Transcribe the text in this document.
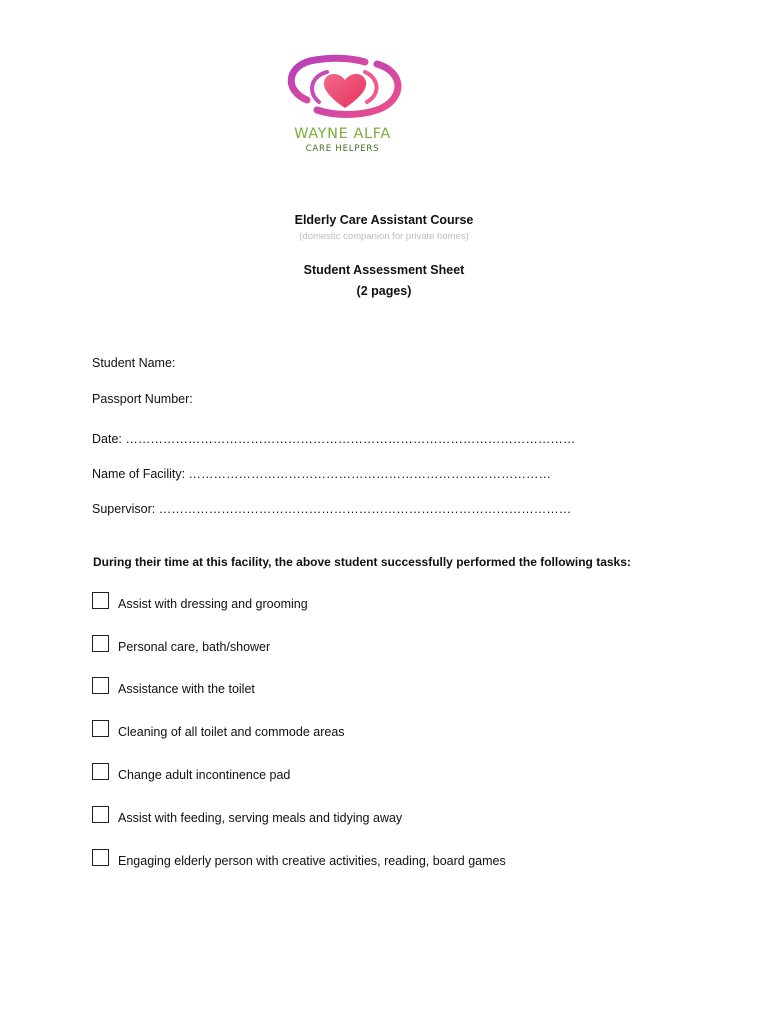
WAYNE ALFA
CARE HELPERS
Elderly Care Assistant Course
(domestic companion for private homes)
Student Assessment Sheet
(2 pages)
Student Name:
Passport Number:
Date: ………………………………………………………………………………………………
Name of Facility: ……………………………………………………………………………
Supervisor: ………………………………………………………………………………………
During their time at this facility, the above student successfully performed the following tasks:
Assist with dressing and grooming
Personal care, bath/shower
Assistance with the toilet
Cleaning of all toilet and commode areas
Change adult incontinence pad
Assist with feeding, serving meals and tidying away
Engaging elderly person with creative activities, reading, board games
